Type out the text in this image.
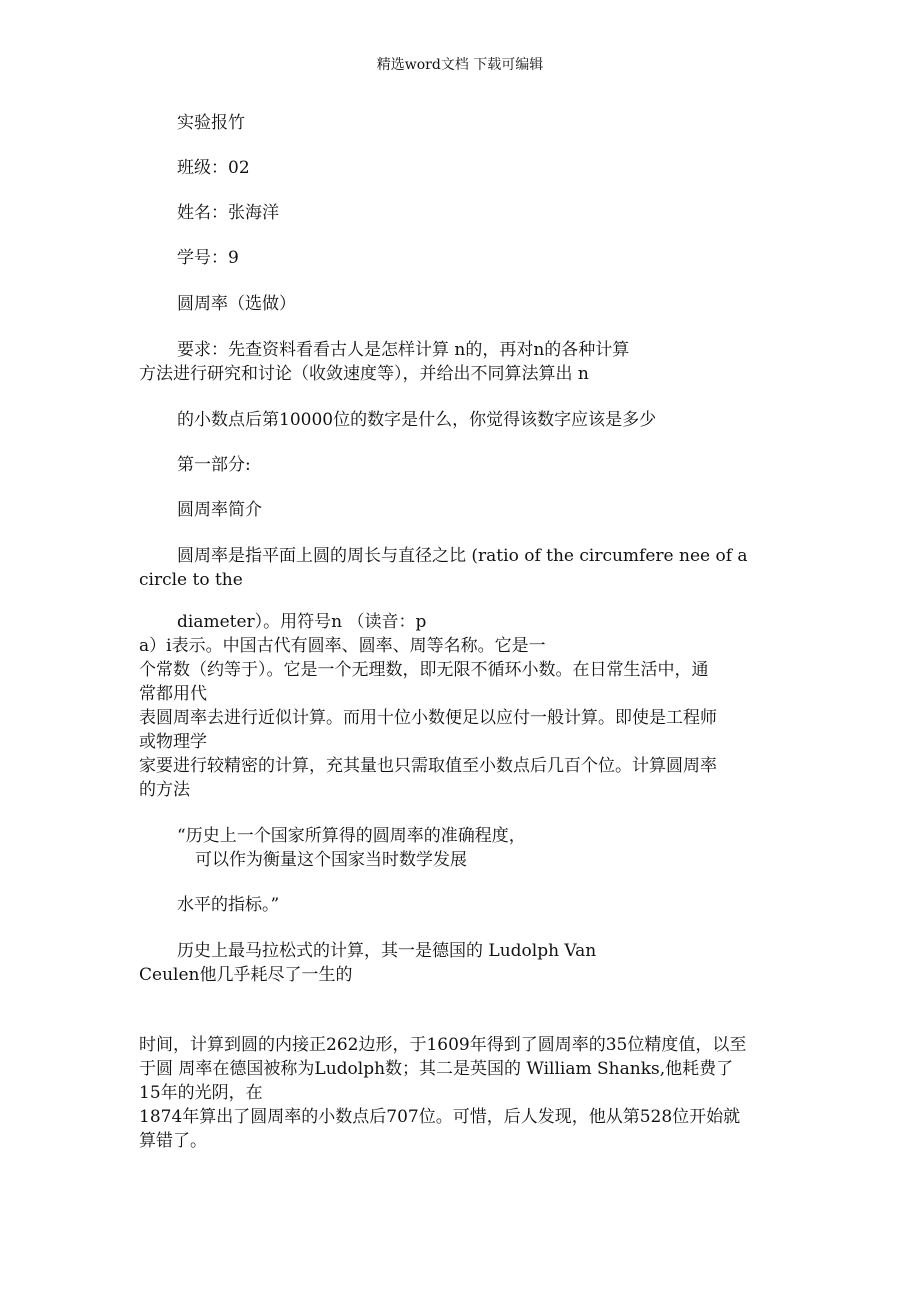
精选word文档 下载可编辑
实验报竹
班级：02
姓名：张海洋
学号：9
圆周率（选做）
要求：先查资料看看古人是怎样计算 n的，再对n的各种计算
方法进行研究和讨论（收敛速度等），并给出不同算法算出 n
的小数点后第10000位的数字是什么，你觉得该数字应该是多少
第一部分:
圆周率简介
圆周率是指平面上圆的周长与直径之比 (ratio of the circumfere nee of a
circle to the
diameter）。用符号n （读音：p
a）i表示。中国古代有圆率、圆率、周等名称。它是一
个常数（约等于）。它是一个无理数，即无限不循环小数。在日常生活中，通
常都用代
表圆周率去进行近似计算。而用十位小数便足以应付一般计算。即使是工程师
或物理学
家要进行较精密的计算，充其量也只需取值至小数点后几百个位。计算圆周率
的方法
“历史上一个国家所算得的圆周率的准确程度，
可以作为衡量这个国家当时数学发展
水平的指标。”
历史上最马拉松式的计算，其一是德国的 Ludolph Van
Ceulen他几乎耗尽了一生的
时间，计算到圆的内接正262边形，于1609年得到了圆周率的35位精度值，以至
于圆 周率在德国被称为Ludolph数；其二是英国的 William Shanks,他耗费了
15年的光阴，在
1874年算出了圆周率的小数点后707位。可惜，后人发现，他从第528位开始就
算错了。
